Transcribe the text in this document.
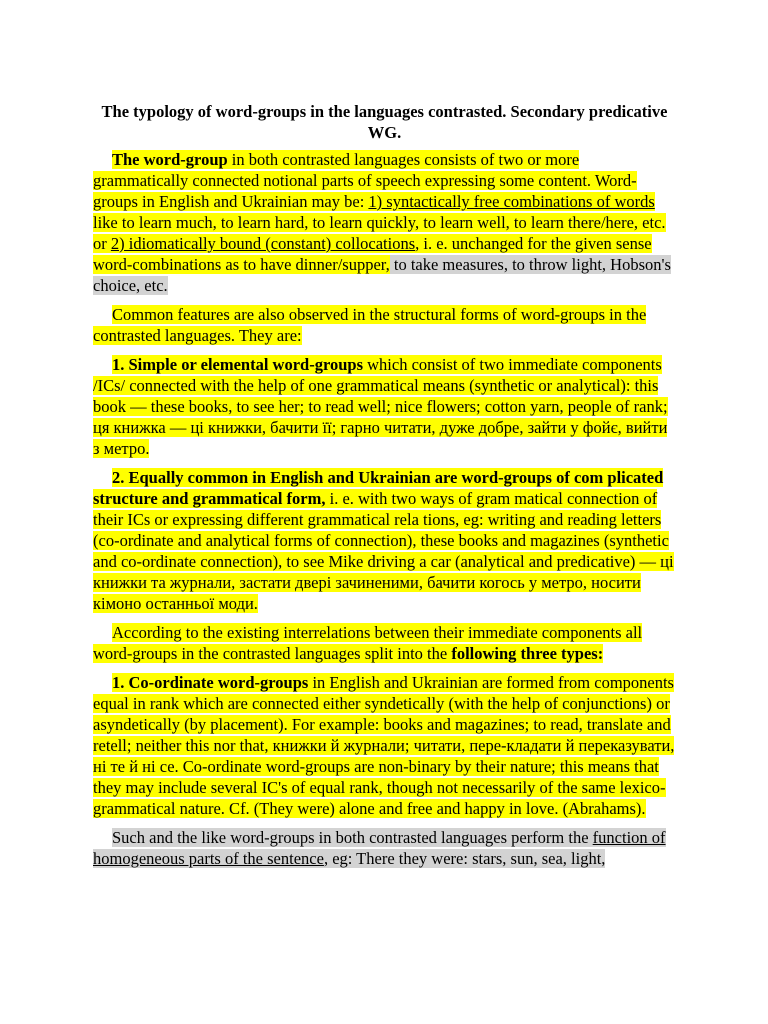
The typology of word-groups in the languages contrasted. Secondary predicative WG.

The word-group in both contrasted languages consists of two or more grammatically connected notional parts of speech expressing some content. Word-groups in English and Ukrainian may be: 1) syntactically free combinations of words like to learn much, to learn hard, to learn quickly, to learn well, to learn there/here, etc. or 2) idiomatically bound (constant) collocations, i. e. unchanged for the given sense word-combinations as to have dinner/supper, to take measures, to throw light, Hobson's choice, etc.

Common features are also observed in the structural forms of word-groups in the contrasted languages. They are:

1. Simple or elemental word-groups which consist of two immediate components /ICs/ connected with the help of one grammatical means (synthetic or analytical): this book — these books, to see her; to read well; nice flowers; cotton yarn, people of rank; ця книжка — ці книжки, бачити її; гарно читати, дуже добре, зайти у фойє, вийти з метро.

2. Equally common in English and Ukrainian are word-groups of com plicated structure and grammatical form, i. e. with two ways of gram matical connection of their ICs or expressing different grammatical rela tions, eg: writing and reading letters (co-ordinate and analytical forms of connection), these books and magazines (synthetic and co-ordinate connection), to see Mike driving a car (analytical and predicative) — ці книжки та журнали, застати двері зачиненими, бачити когось у метро, носити кімоно останньої моди.

According to the existing interrelations between their immediate components all word-groups in the contrasted languages split into the following three types:

1. Co-ordinate word-groups in English and Ukrainian are formed from components equal in rank which are connected either syndetically (with the help of conjunctions) or asyndetically (by placement). For example: books and magazines; to read, translate and retell; neither this nor that, книжки й журнали; читати, пере-кладати й переказувати, ні те й ні се. Co-ordinate word-groups are non-binary by their nature; this means that they may include several IC's of equal rank, though not necessarily of the same lexico-grammatical nature. Cf. (They were) alone and free and happy in love. (Abrahams).

Such and the like word-groups in both contrasted languages perform the function of homogeneous parts of the sentence, eg: There they were: stars, sun, sea, light,
